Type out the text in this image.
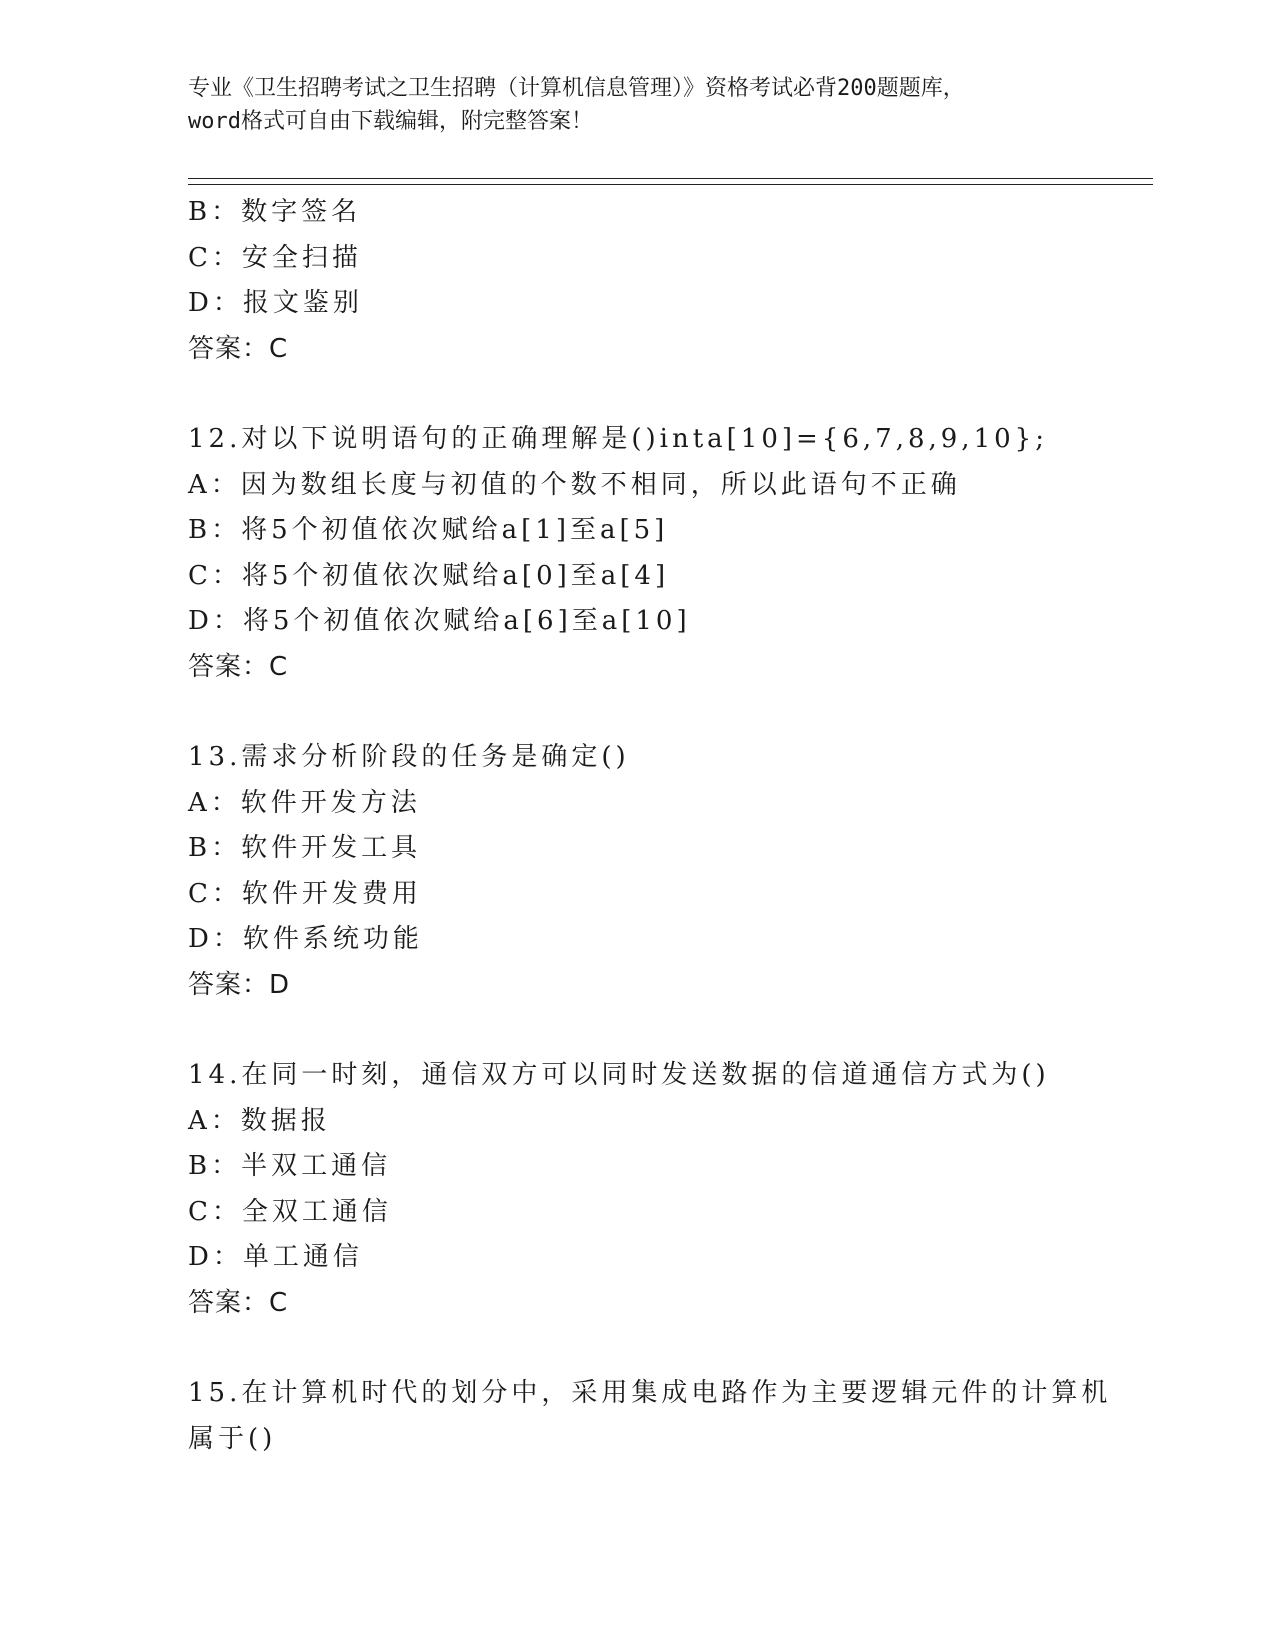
专业《卫生招聘考试之卫生招聘（计算机信息管理）》资格考试必背200题题库，
word格式可自由下载编辑，附完整答案！
B：数字签名
C：安全扫描
D：报文鉴别
答案：C
12.对以下说明语句的正确理解是()inta[10]={6,7,8,9,10};
A：因为数组长度与初值的个数不相同，所以此语句不正确
B：将5个初值依次赋给a[1]至a[5]
C：将5个初值依次赋给a[0]至a[4]
D：将5个初值依次赋给a[6]至a[10]
答案：C
13.需求分析阶段的任务是确定()
A：软件开发方法
B：软件开发工具
C：软件开发费用
D：软件系统功能
答案：D
14.在同一时刻，通信双方可以同时发送数据的信道通信方式为()
A：数据报
B：半双工通信
C：全双工通信
D：单工通信
答案：C
15.在计算机时代的划分中，采用集成电路作为主要逻辑元件的计算机
属于()
